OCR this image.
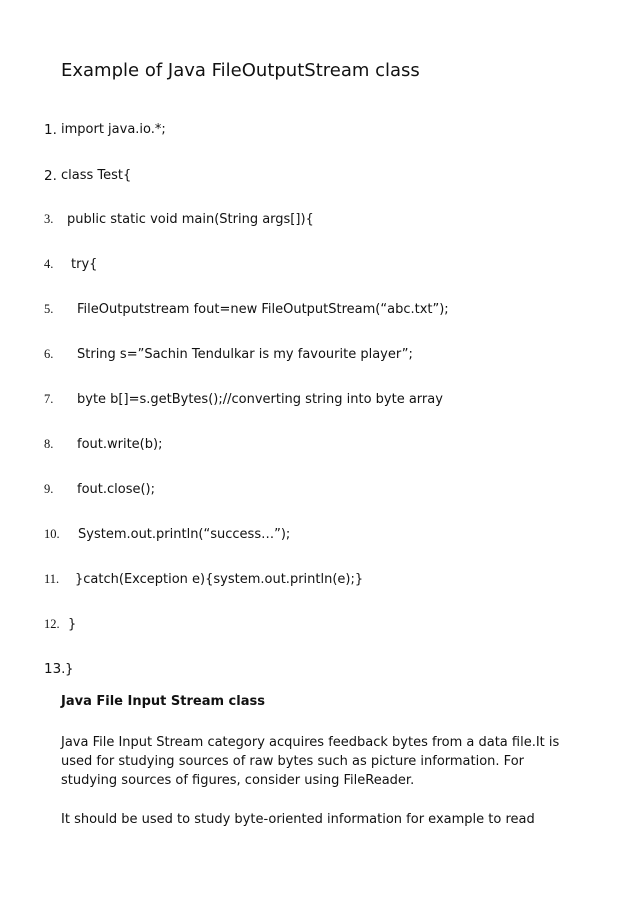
Example of Java FileOutputStream class
1. import java.io.*;
2. class Test{
3. public static void main(String args[]){
4. try{
5. FileOutputstream fout=new FileOutputStream(“abc.txt”);
6. String s=”Sachin Tendulkar is my favourite player”;
7. byte b[]=s.getBytes();//converting string into byte array
8. fout.write(b);
9. fout.close();
10. System.out.println(“success…”);
11. }catch(Exception e){system.out.println(e);}
12. }
13. }
Java File Input Stream class

Java File Input Stream category acquires feedback bytes from a data file.It is used for studying sources of raw bytes such as picture information. For studying sources of figures, consider using FileReader.

It should be used to study byte-oriented information for example to read
